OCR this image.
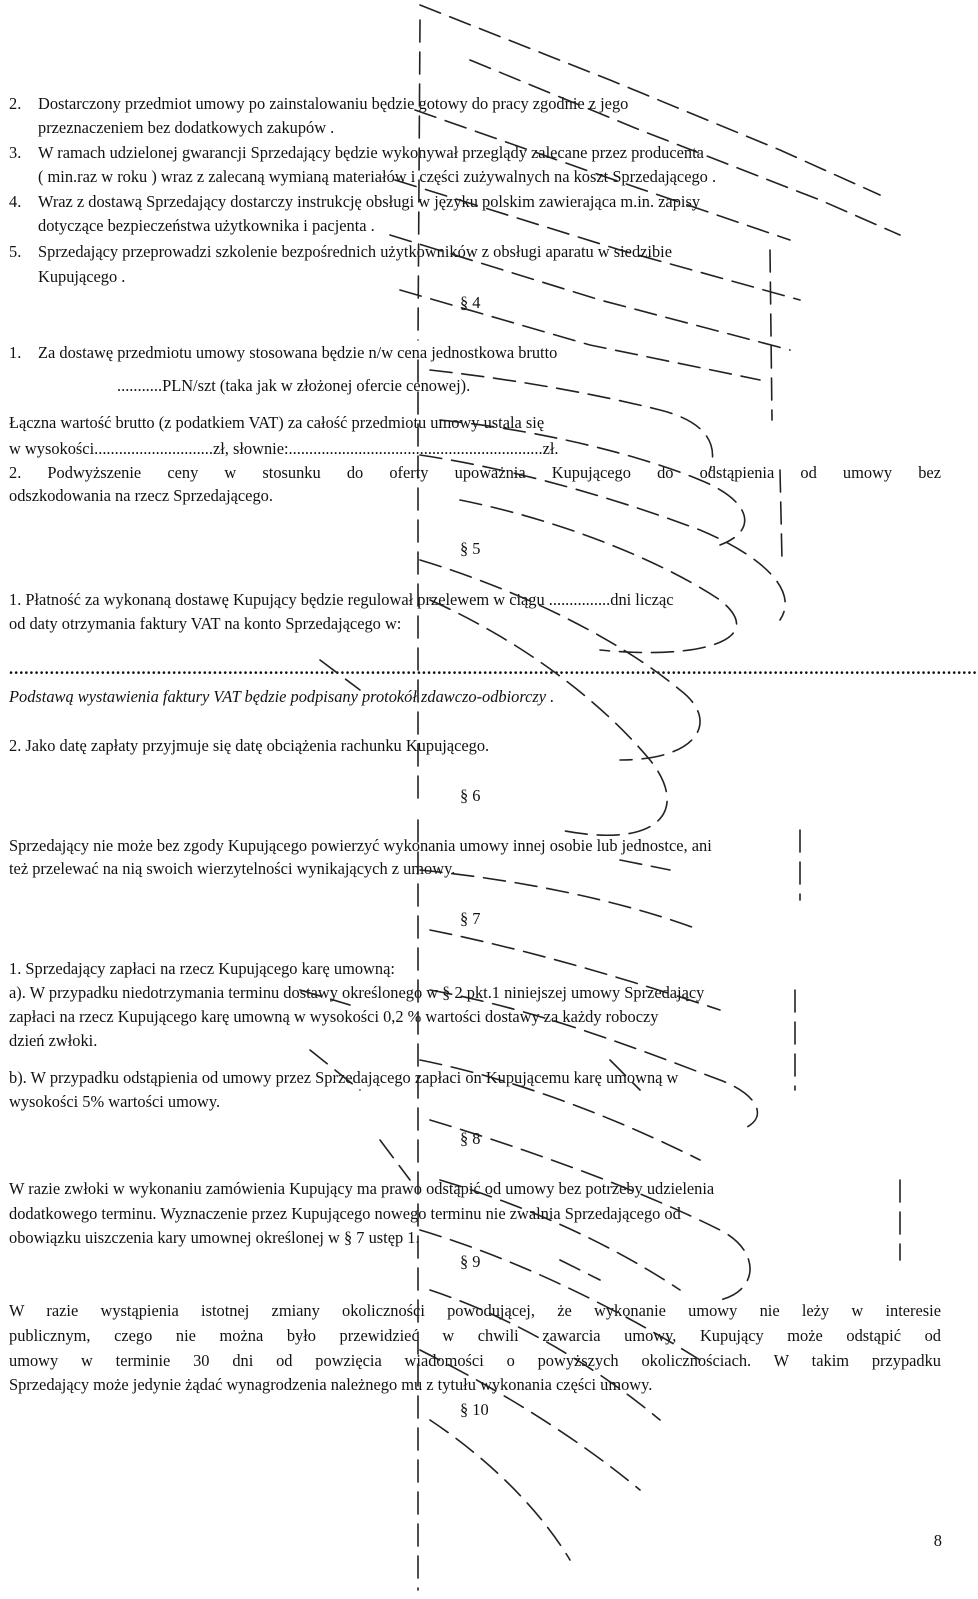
2. Dostarczony przedmiot umowy po zainstalowaniu będzie gotowy do pracy zgodnie z jego
przeznaczeniem bez dodatkowych zakupów .
3. W ramach udzielonej gwarancji Sprzedający będzie wykonywał przeglądy zalecane przez producenta
( min.raz w roku ) wraz z zalecaną wymianą materiałów i części zużywalnych na koszt Sprzedającego .
4. Wraz z dostawą Sprzedający dostarczy instrukcję obsługi w języku polskim zawierająca m.in. zapisy
dotyczące bezpieczeństwa użytkownika i pacjenta .
5. Sprzedający przeprowadzi szkolenie bezpośrednich użytkowników z obsługi aparatu w siedzibie
Kupującego .
§ 4
1. Za dostawę przedmiotu umowy stosowana będzie n/w cena jednostkowa brutto
...........PLN/szt (taka jak w złożonej ofercie cenowej).
Łączna wartość brutto (z podatkiem VAT) za całość przedmiotu umowy ustala się
w wysokości.............................zł, słownie:..............................................................zł.
2. Podwyższenie ceny w stosunku do oferty upoważnia Kupującego do odstąpienia od umowy bez
odszkodowania na rzecz Sprzedającego.
§ 5
1. Płatność za wykonaną dostawę Kupujący będzie regulował przelewem w ciągu ...............dni licząc
od daty otrzymania faktury VAT na konto Sprzedającego w:
..............................................................................................................................................................................................
Podstawą wystawienia faktury VAT będzie podpisany protokół zdawczo-odbiorczy .
2. Jako datę zapłaty przyjmuje się datę obciążenia rachunku Kupującego.
§ 6
Sprzedający nie może bez zgody Kupującego powierzyć wykonania umowy innej osobie lub jednostce, ani
też przelewać na nią swoich wierzytelności wynikających z umowy.
§ 7
1. Sprzedający zapłaci na rzecz Kupującego karę umowną:
a). W przypadku niedotrzymania terminu dostawy określonego w § 2 pkt.1 niniejszej umowy Sprzedający
zapłaci na rzecz Kupującego karę umowną w wysokości 0,2 % wartości dostawy za każdy roboczy
dzień zwłoki.
b). W przypadku odstąpienia od umowy przez Sprzedającego zapłaci on Kupującemu karę umowną w
wysokości 5% wartości umowy.
§ 8
W razie zwłoki w wykonaniu zamówienia Kupujący ma prawo odstąpić od umowy bez potrzeby udzielenia
dodatkowego terminu. Wyznaczenie przez Kupującego nowego terminu nie zwalnia Sprzedającego od
obowiązku uiszczenia kary umownej określonej w § 7 ustęp 1.
§ 9
W razie wystąpienia istotnej zmiany okoliczności powodującej, że wykonanie umowy nie leży w interesie
publicznym, czego nie można było przewidzieć w chwili zawarcia umowy, Kupujący może odstąpić od
umowy w terminie 30 dni od powzięcia wiadomości o powyższych okolicznościach. W takim przypadku
Sprzedający może jedynie żądać wynagrodzenia należnego mu z tytułu wykonania części umowy.
§ 10
8
